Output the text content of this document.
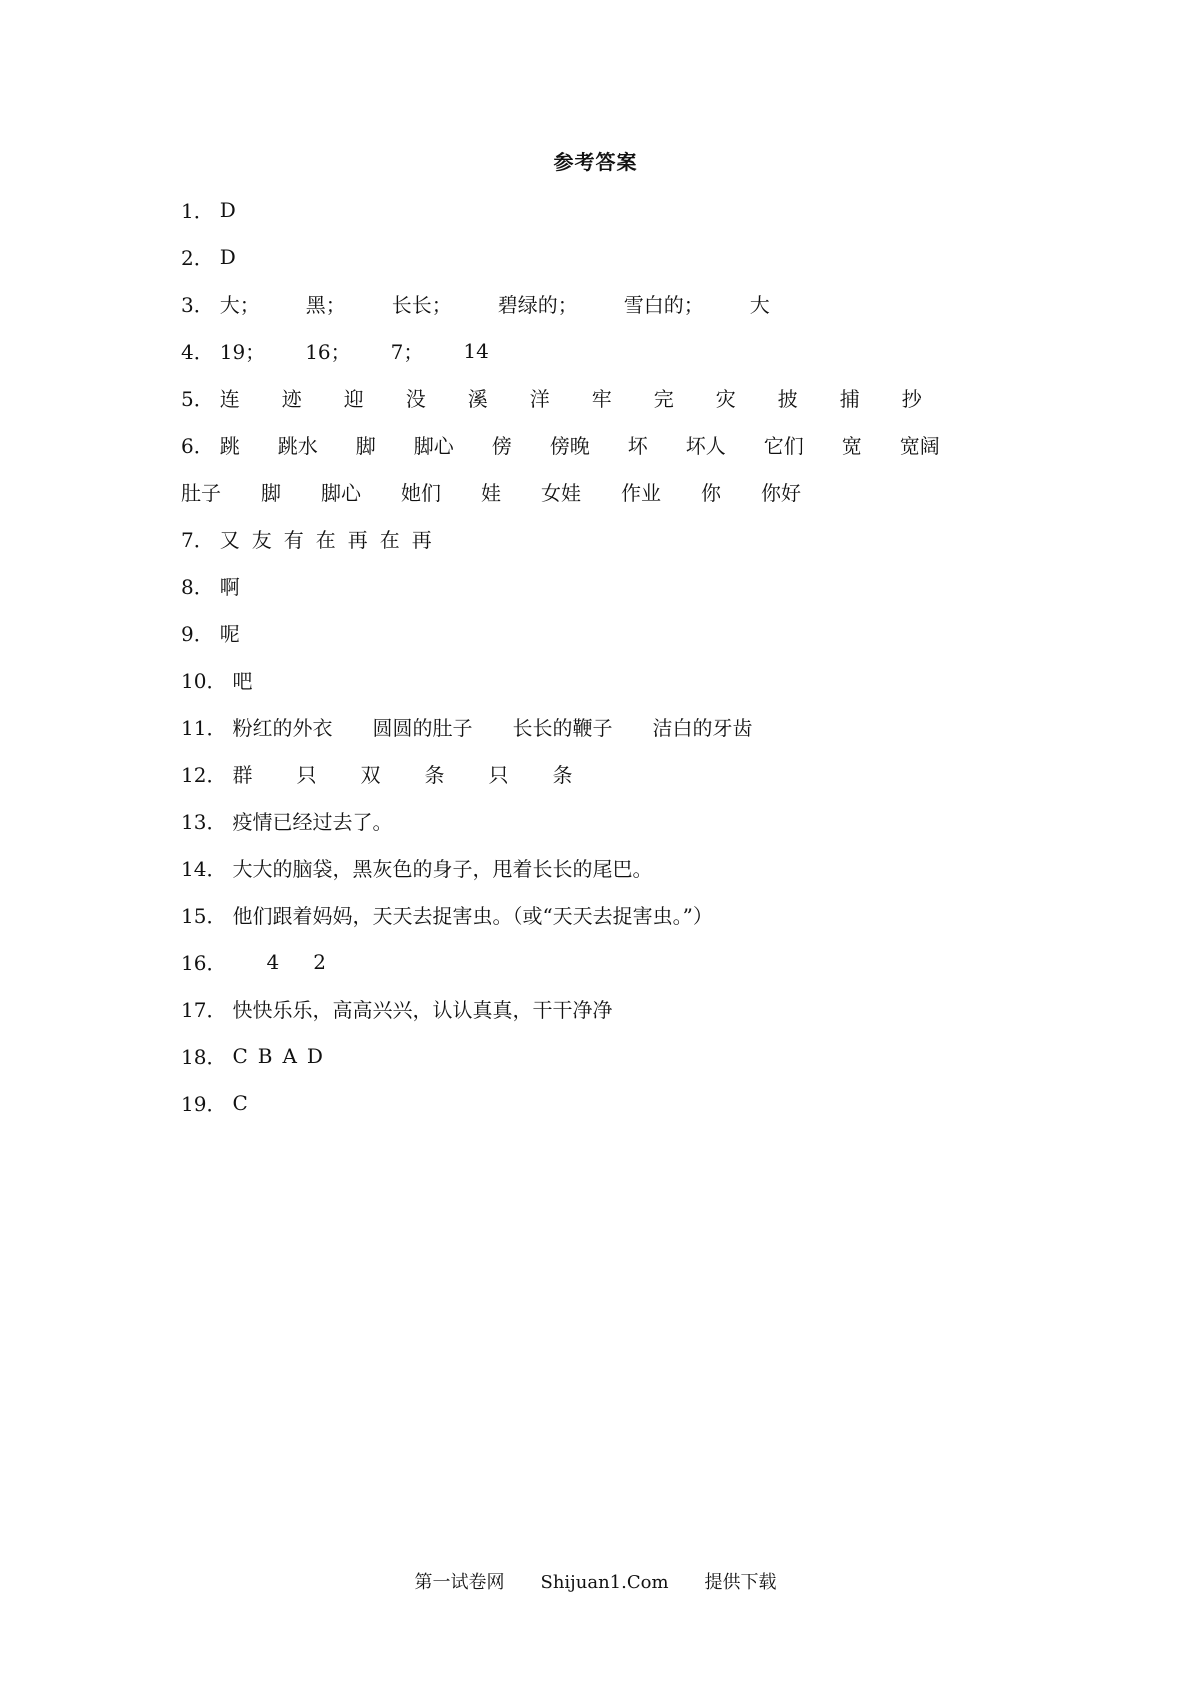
参考答案
1． D
2． D
3． 大； 黑； 长长； 碧绿的； 雪白的； 大
4． 19； 16； 7； 14
5． 连 迹 迎 没 溪 洋 牢 完 灾 披 捕 抄
6． 跳 跳水 脚 脚心 傍 傍晚 坏 坏人 它们 宽 宽阔
肚子 脚 脚心 她们 娃 女娃 作业 你 你好
7． 又 友 有 在 再 在 再
8． 啊
9． 呢
10． 吧
11． 粉红的外衣 圆圆的肚子 长长的鞭子 洁白的牙齿
12． 群 只 双 条 只 条
13． 疫情已经过去了。
14． 大大的脑袋，黑灰色的身子，甩着长长的尾巴。
15． 他们跟着妈妈，天天去捉害虫。（或“天天去捉害虫。”）
16． 4 2
17． 快快乐乐，高高兴兴，认认真真，干干净净
18． C B A D
19． C
第一试卷网 Shijuan1.Com 提供下载
